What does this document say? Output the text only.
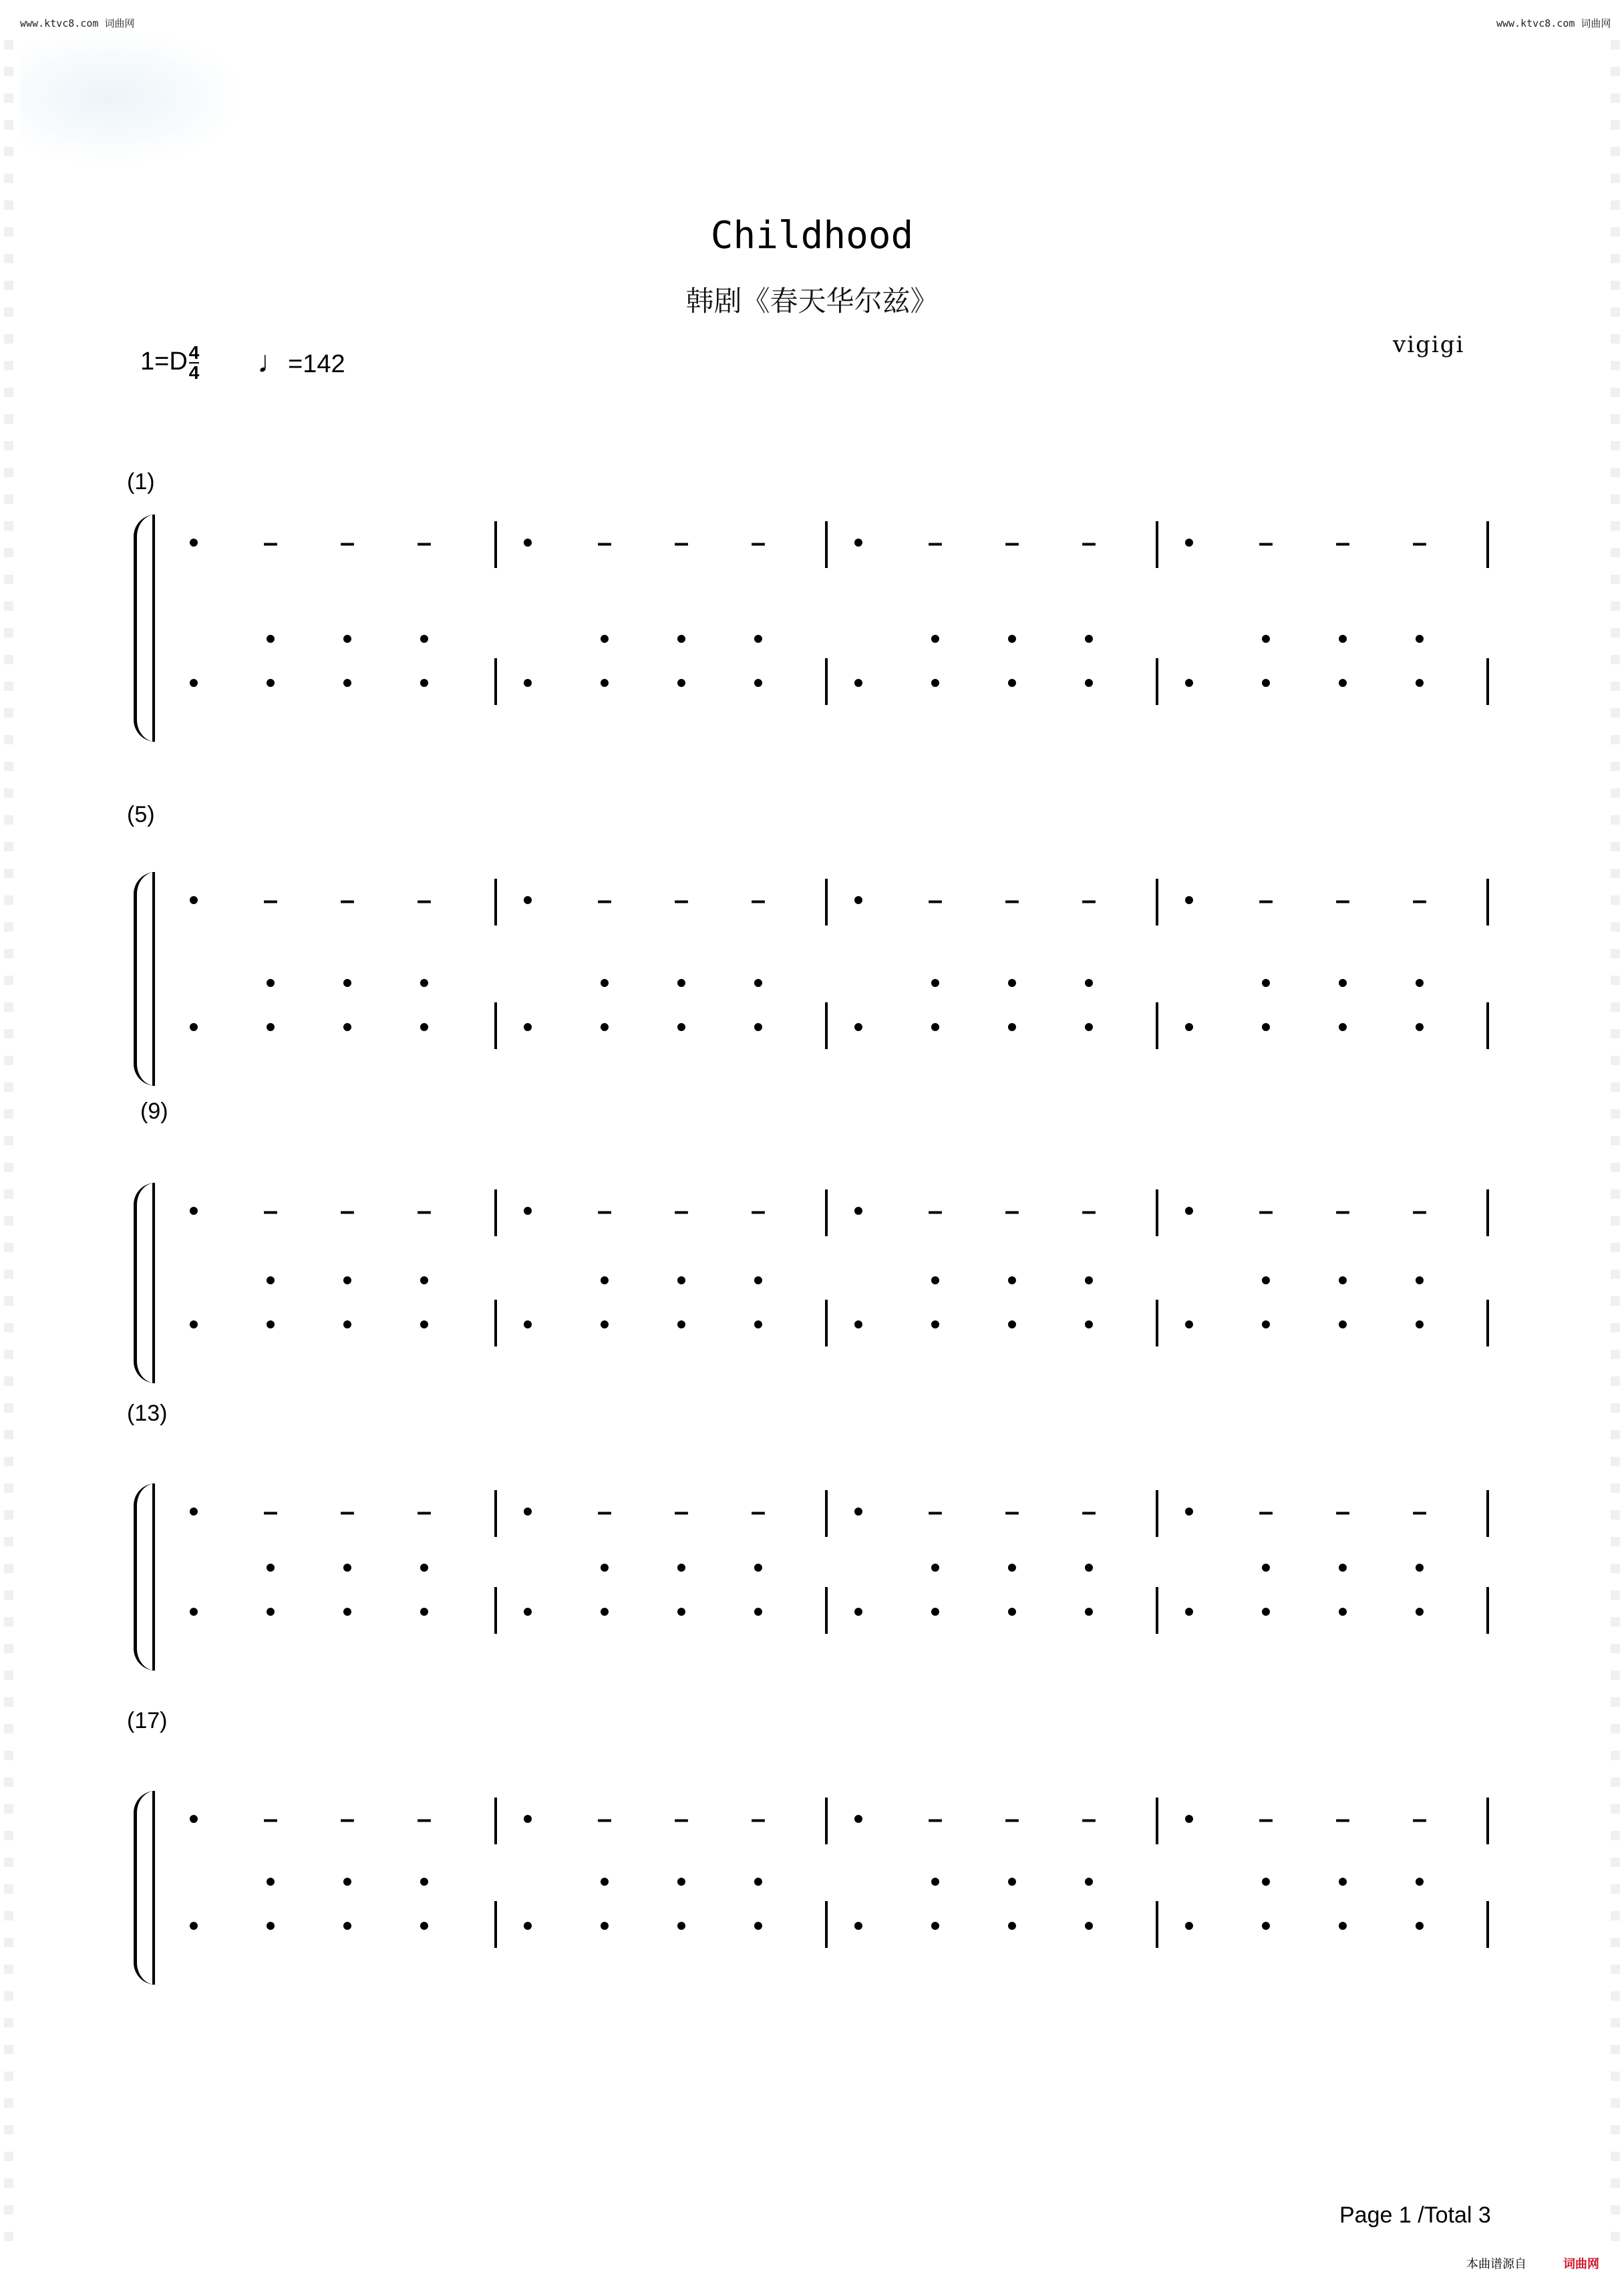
www.ktvc8.com 词曲网	www.ktvc8.com 词曲网
Childhood
韩剧《春天华尔兹》
$1=D \frac{4}{4}$ ♩=142
vigigi
(1)
(5)
(9)
(13)
(17)
•
•
–
•
•
–
•
•
–
•
•
•
•
–
•
•
–
•
•
–
•
•
•
•
–
•
•
–
•
•
–
•
•
•
•
–
•
•
–
•
•
–
•
•
•
•
–
•
•
–
•
•
–
•
•
•
•
–
•
•
–
•
•
–
•
•
•
•
–
•
•
–
•
•
–
•
•
•
•
–
•
•
–
•
•
–
•
•
•
•
–
•
•
–
•
•
–
•
•
•
•
–
•
•
–
•
•
–
•
•
•
•
–
•
•
–
•
•
–
•
•
•
•
–
•
•
–
•
•
–
•
•
•
•
–
•
•
–
•
•
–
•
•
•
•
–
•
•
–
•
•
–
•
•
•
•
–
•
•
–
•
•
–
•
•
•
•
–
•
•
–
•
•
–
•
•
•
•
–
•
•
–
•
•
–
•
•
•
•
–
•
•
–
•
•
–
•
•
•
•
–
•
•
–
•
•
–
•
•
•
•
–
•
•
–
•
•
–
•
•
Page 1 /Total 3
本曲谱源自	词曲网
